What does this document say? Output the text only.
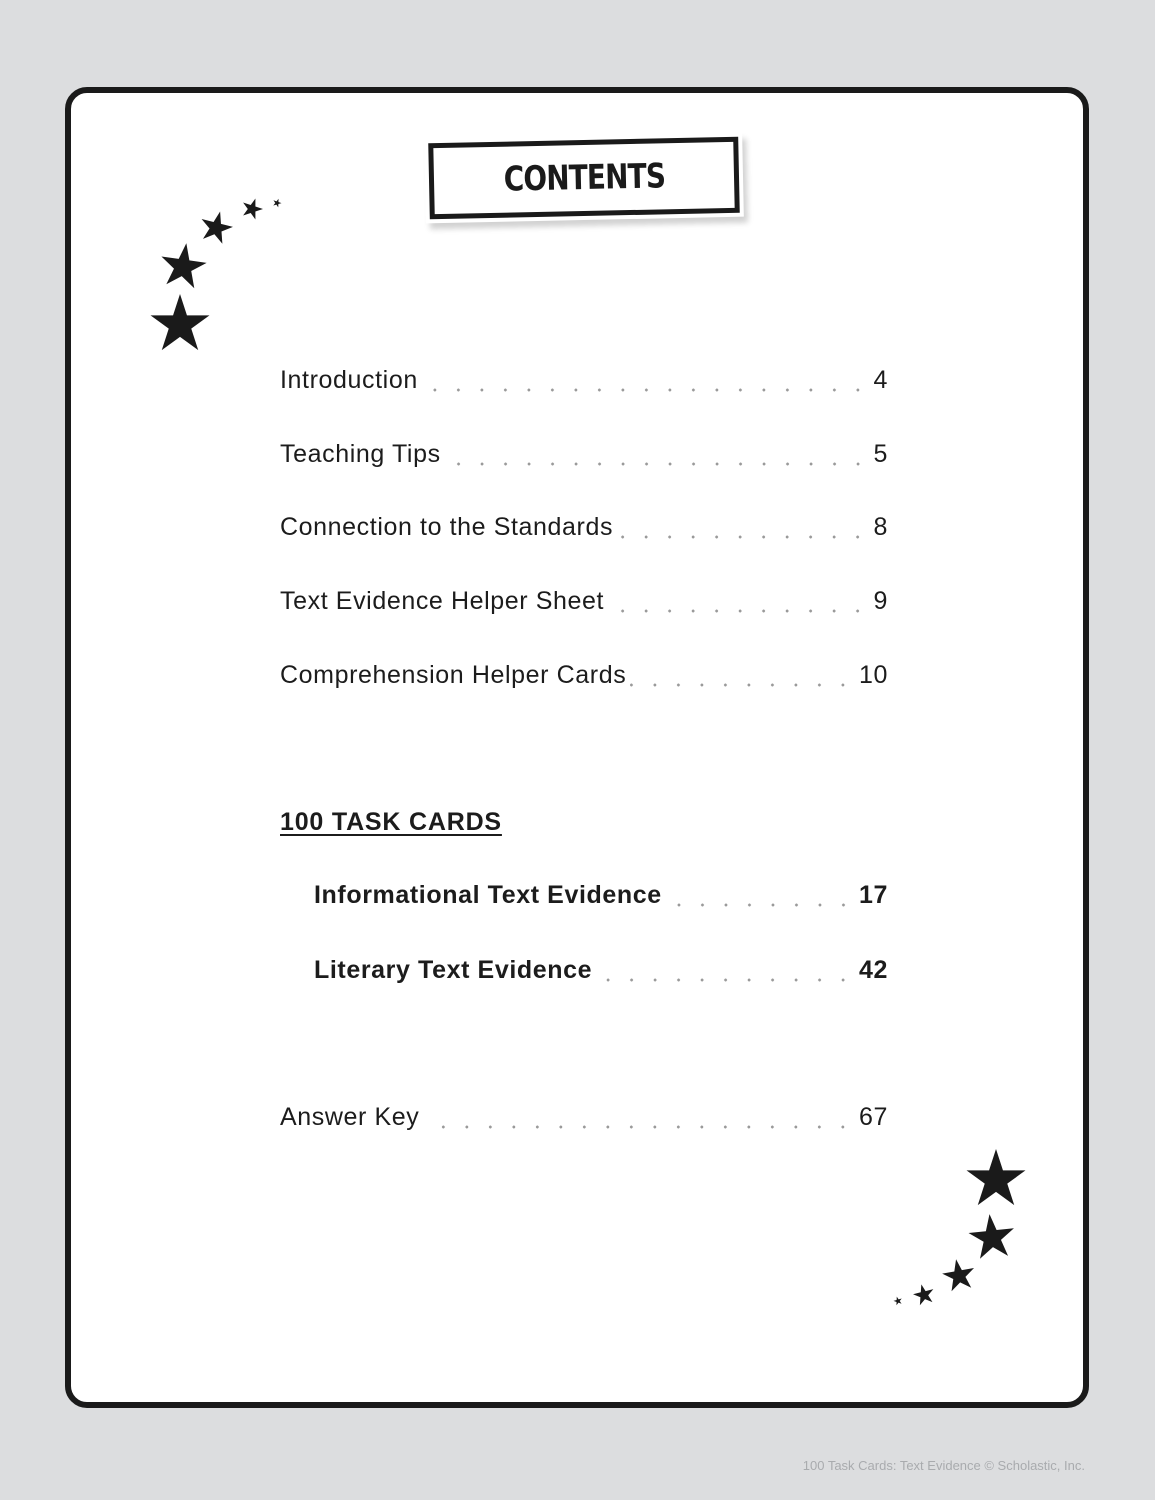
CONTENTS
Introduction	4
Teaching Tips	5
Connection to the Standards	8
Text Evidence Helper Sheet	9
Comprehension Helper Cards	10
100 TASK CARDS
Informational Text Evidence	17
Literary Text Evidence	42
Answer Key	67
100 Task Cards: Text Evidence © Scholastic, Inc.
